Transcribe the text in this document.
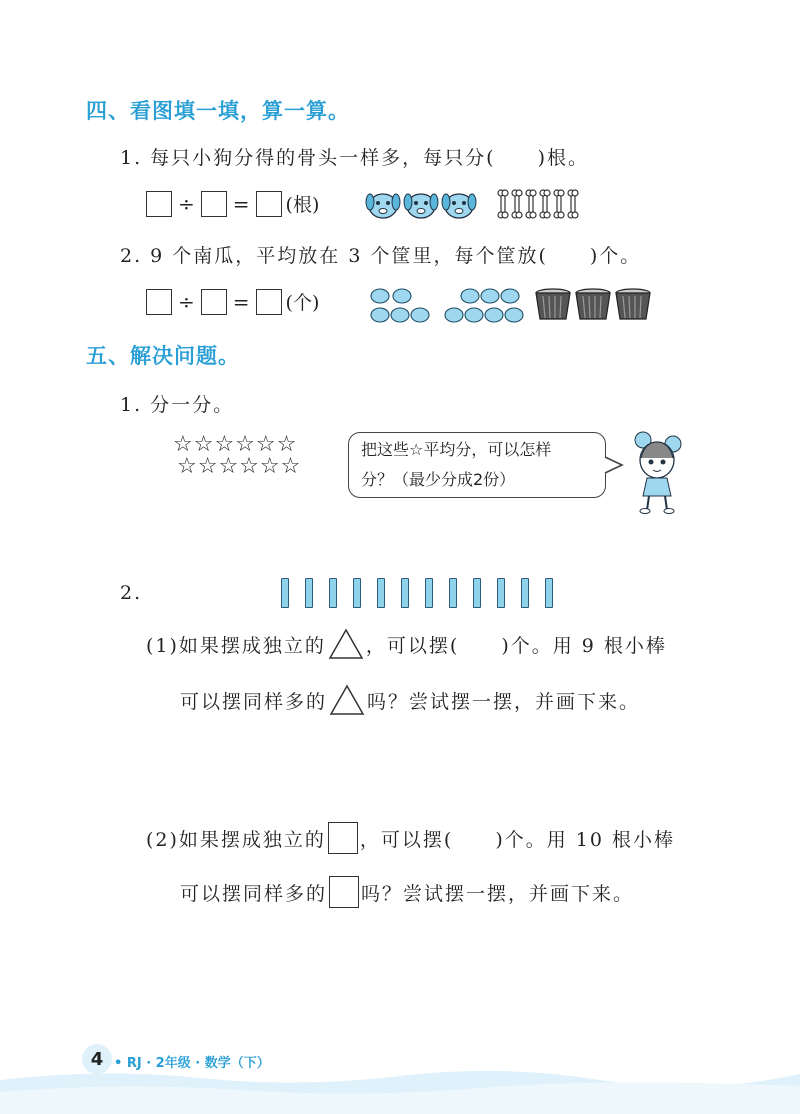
四、看图填一填，算一算。
1. 每只小狗分得的骨头一样多，每只分(　　)根。
÷ = (根)
2. 9 个南瓜，平均放在 3 个筐里，每个筐放(　　)个。
÷ = (个)
五、解决问题。
1. 分一分。
☆☆☆☆☆☆
☆☆☆☆☆☆
把这些☆平均分，可以怎样
分？（最少分成2份）
2.
(1)如果摆成独立的 ，可以摆(　　)个。用 9 根小棒
可以摆同样多的 吗？尝试摆一摆，并画下来。
(2)如果摆成独立的 ，可以摆(　　)个。用 10 根小棒
可以摆同样多的 吗？尝试摆一摆，并画下来。
4 • RJ · 2年级 · 数学（下）
